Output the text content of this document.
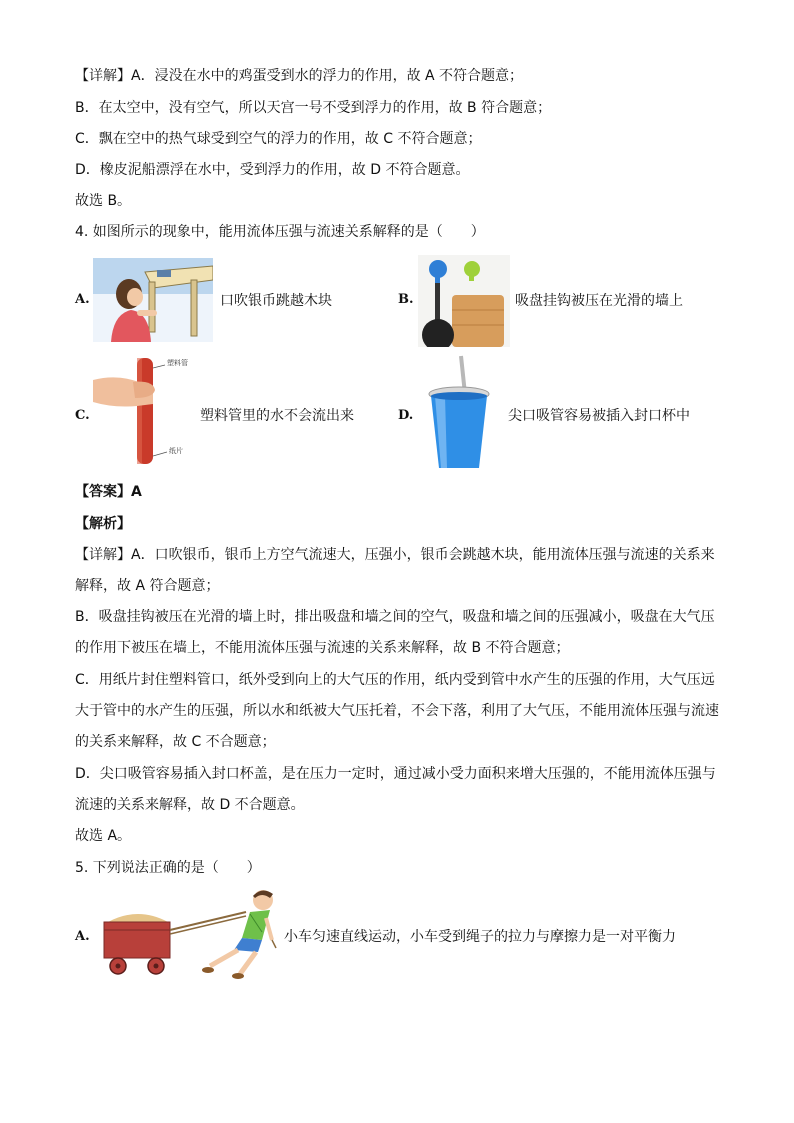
【详解】A．浸没在水中的鸡蛋受到水的浮力的作用，故 A 不符合题意；
B．在太空中，没有空气，所以天宫一号不受到浮力的作用，故 B 符合题意；
C．飘在空中的热气球受到空气的浮力的作用，故 C 不符合题意；
D．橡皮泥船漂浮在水中，受到浮力的作用，故 D 不符合题意。
故选 B。
4. 如图所示的现象中，能用流体压强与流速关系解释的是（　　）
A.	口吹银币跳越木块	B.	吸盘挂钩被压在光滑的墙上
C.
塑料管
纸片
塑料管里的水不会流出来	D.	尖口吸管容易被插入封口杯中
【答案】A
【解析】
【详解】A．口吹银币，银币上方空气流速大，压强小，银币会跳越木块，能用流体压强与流速的关系来
解释，故 A 符合题意；
B．吸盘挂钩被压在光滑的墙上时，排出吸盘和墙之间的空气，吸盘和墙之间的压强减小，吸盘在大气压
的作用下被压在墙上，不能用流体压强与流速的关系来解释，故 B 不符合题意；
C．用纸片封住塑料管口，纸外受到向上的大气压的作用，纸内受到管中水产生的压强的作用，大气压远
大于管中的水产生的压强，所以水和纸被大气压托着，不会下落，利用了大气压，不能用流体压强与流速
的关系来解释，故 C 不合题意；
D．尖口吸管容易插入封口杯盖，是在压力一定时，通过减小受力面积来增大压强的，不能用流体压强与
流速的关系来解释，故 D 不合题意。
故选 A。
5. 下列说法正确的是（　　）
A.	小车匀速直线运动，小车受到绳子的拉力与摩擦力是一对平衡力
